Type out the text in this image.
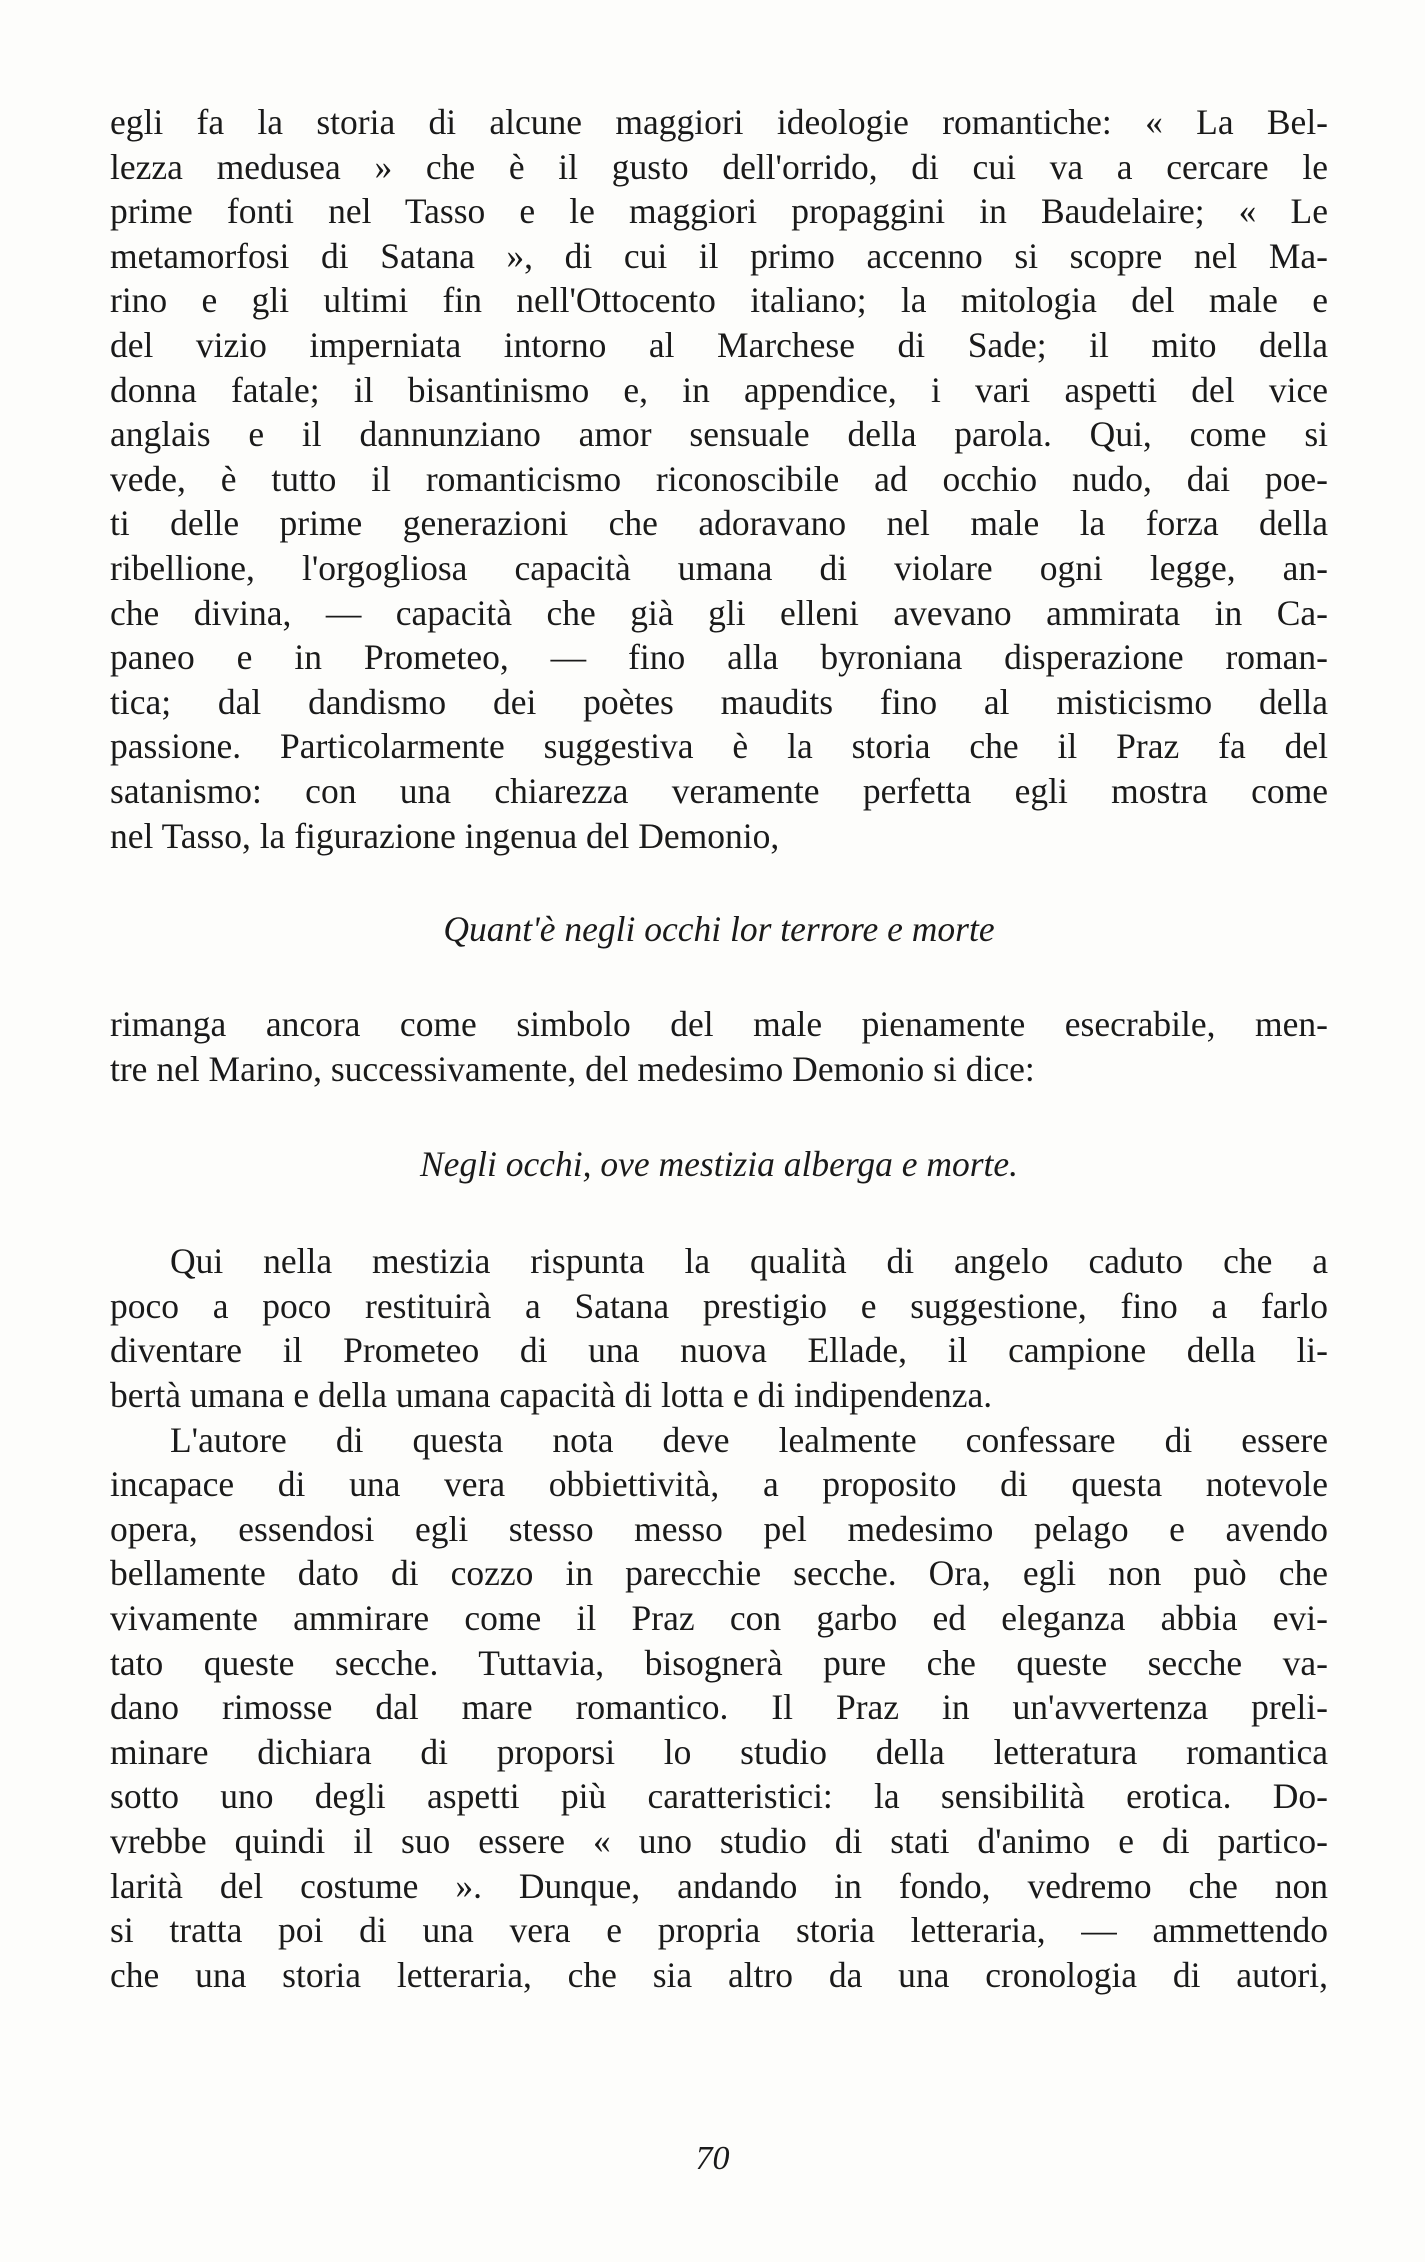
egli fa la storia di alcune maggiori ideologie romantiche: « La Bel-
lezza medusea » che è il gusto dell'orrido, di cui va a cercare le
prime fonti nel Tasso e le maggiori propaggini in Baudelaire; « Le
metamorfosi di Satana », di cui il primo accenno si scopre nel Ma-
rino e gli ultimi fin nell'Ottocento italiano; la mitologia del male e
del vizio imperniata intorno al Marchese di Sade; il mito della
donna fatale; il bisantinismo e, in appendice, i vari aspetti del vice
anglais e il dannunziano amor sensuale della parola. Qui, come si
vede, è tutto il romanticismo riconoscibile ad occhio nudo, dai poe-
ti delle prime generazioni che adoravano nel male la forza della
ribellione, l'orgogliosa capacità umana di violare ogni legge, an-
che divina, — capacità che già gli elleni avevano ammirata in Ca-
paneo e in Prometeo, — fino alla byroniana disperazione roman-
tica; dal dandismo dei poètes maudits fino al misticismo della
passione. Particolarmente suggestiva è la storia che il Praz fa del
satanismo: con una chiarezza veramente perfetta egli mostra come
nel Tasso, la figurazione ingenua del Demonio,

Quant'è negli occhi lor terrore e morte

rimanga ancora come simbolo del male pienamente esecrabile, men-
tre nel Marino, successivamente, del medesimo Demonio si dice:

Negli occhi, ove mestizia alberga e morte.

Qui nella mestizia rispunta la qualità di angelo caduto che a
poco a poco restituirà a Satana prestigio e suggestione, fino a farlo
diventare il Prometeo di una nuova Ellade, il campione della li-
bertà umana e della umana capacità di lotta e di indipendenza.
L'autore di questa nota deve lealmente confessare di essere
incapace di una vera obbiettività, a proposito di questa notevole
opera, essendosi egli stesso messo pel medesimo pelago e avendo
bellamente dato di cozzo in parecchie secche. Ora, egli non può che
vivamente ammirare come il Praz con garbo ed eleganza abbia evi-
tato queste secche. Tuttavia, bisognerà pure che queste secche va-
dano rimosse dal mare romantico. Il Praz in un'avvertenza preli-
minare dichiara di proporsi lo studio della letteratura romantica
sotto uno degli aspetti più caratteristici: la sensibilità erotica. Do-
vrebbe quindi il suo essere « uno studio di stati d'animo e di partico-
larità del costume ». Dunque, andando in fondo, vedremo che non
si tratta poi di una vera e propria storia letteraria, — ammettendo
che una storia letteraria, che sia altro da una cronologia di autori,
70
